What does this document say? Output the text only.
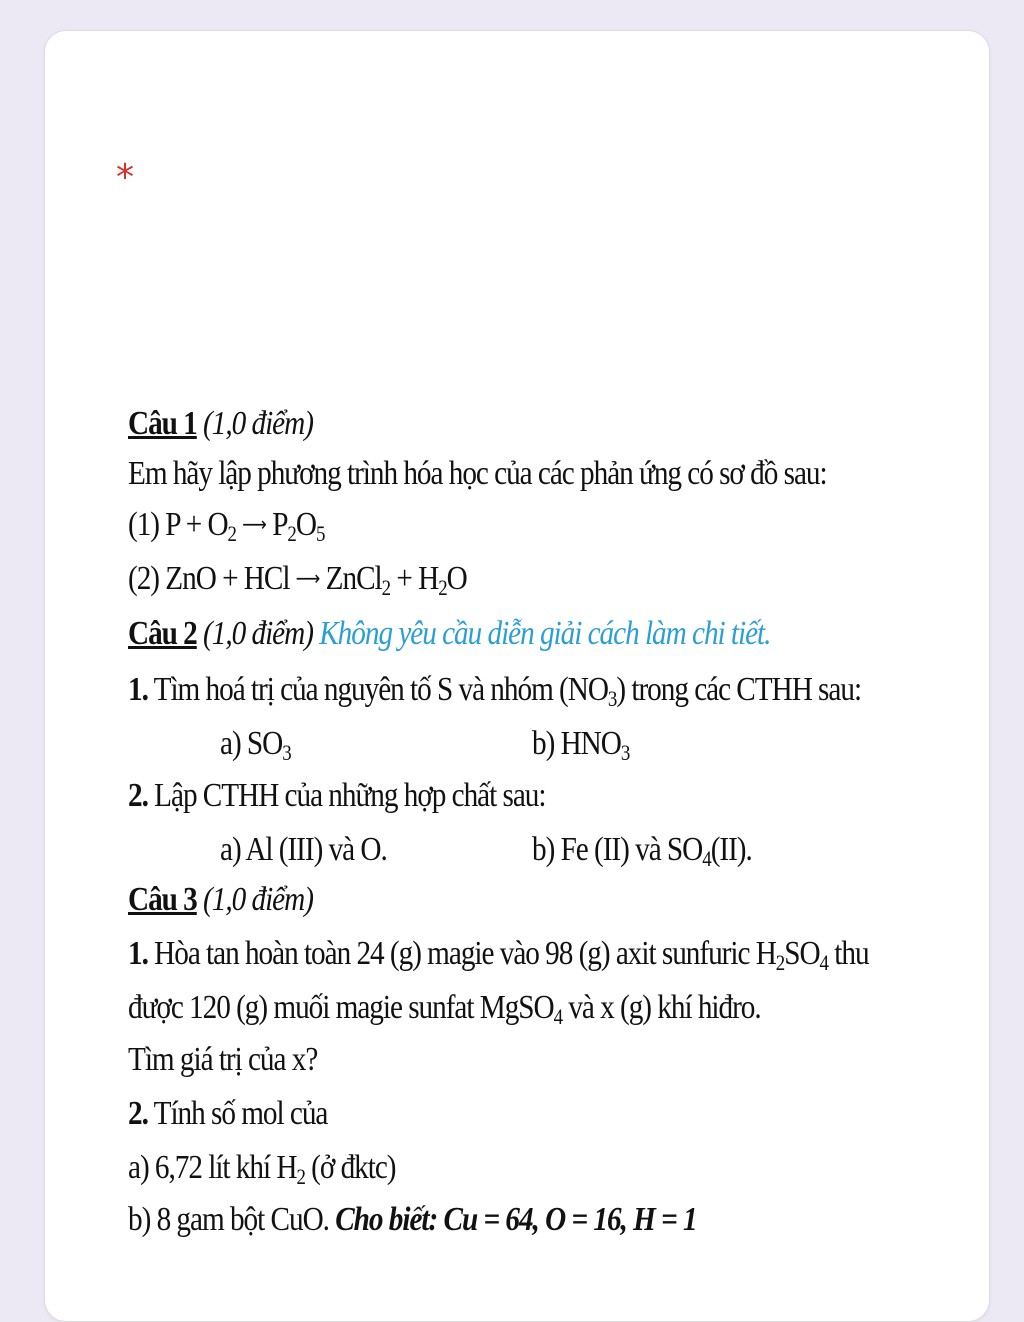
*
Câu 1 (1,0 điểm)
Em hãy lập phương trình hóa học của các phản ứng có sơ đồ sau:
(1) $P + O_2$ ⟶ $P_2O_5$
(2) ZnO + HCl ⟶ ZnCl$_2$ + $H_2O$
Câu 2 (1,0 điểm) Không yêu cầu diễn giải cách làm chi tiết.
1. Tìm hoá trị của nguyên tố S và nhóm $(NO_3)$ trong các CTHH sau:
a) $SO_3$	b) $HNO_3$
2. Lập CTHH của những hợp chất sau:
a) Al (III) và O.	b) Fe (II) và $SO_4(II)$.
Câu 3 (1,0 điểm)
1. Hòa tan hoàn toàn 24 (g) magie vào 98 (g) axit sunfuric $H_2SO_4$ thu
được 120 (g) muối magie sunfat MgSO$_4$ và x (g) khí hiđro.
Tìm giá trị của x?
2. Tính số mol của
a) 6,72 lít khí $H_2$ (ở đktc)
b) 8 gam bột CuO. Cho biết: Cu = 64, O = 16, H = 1
